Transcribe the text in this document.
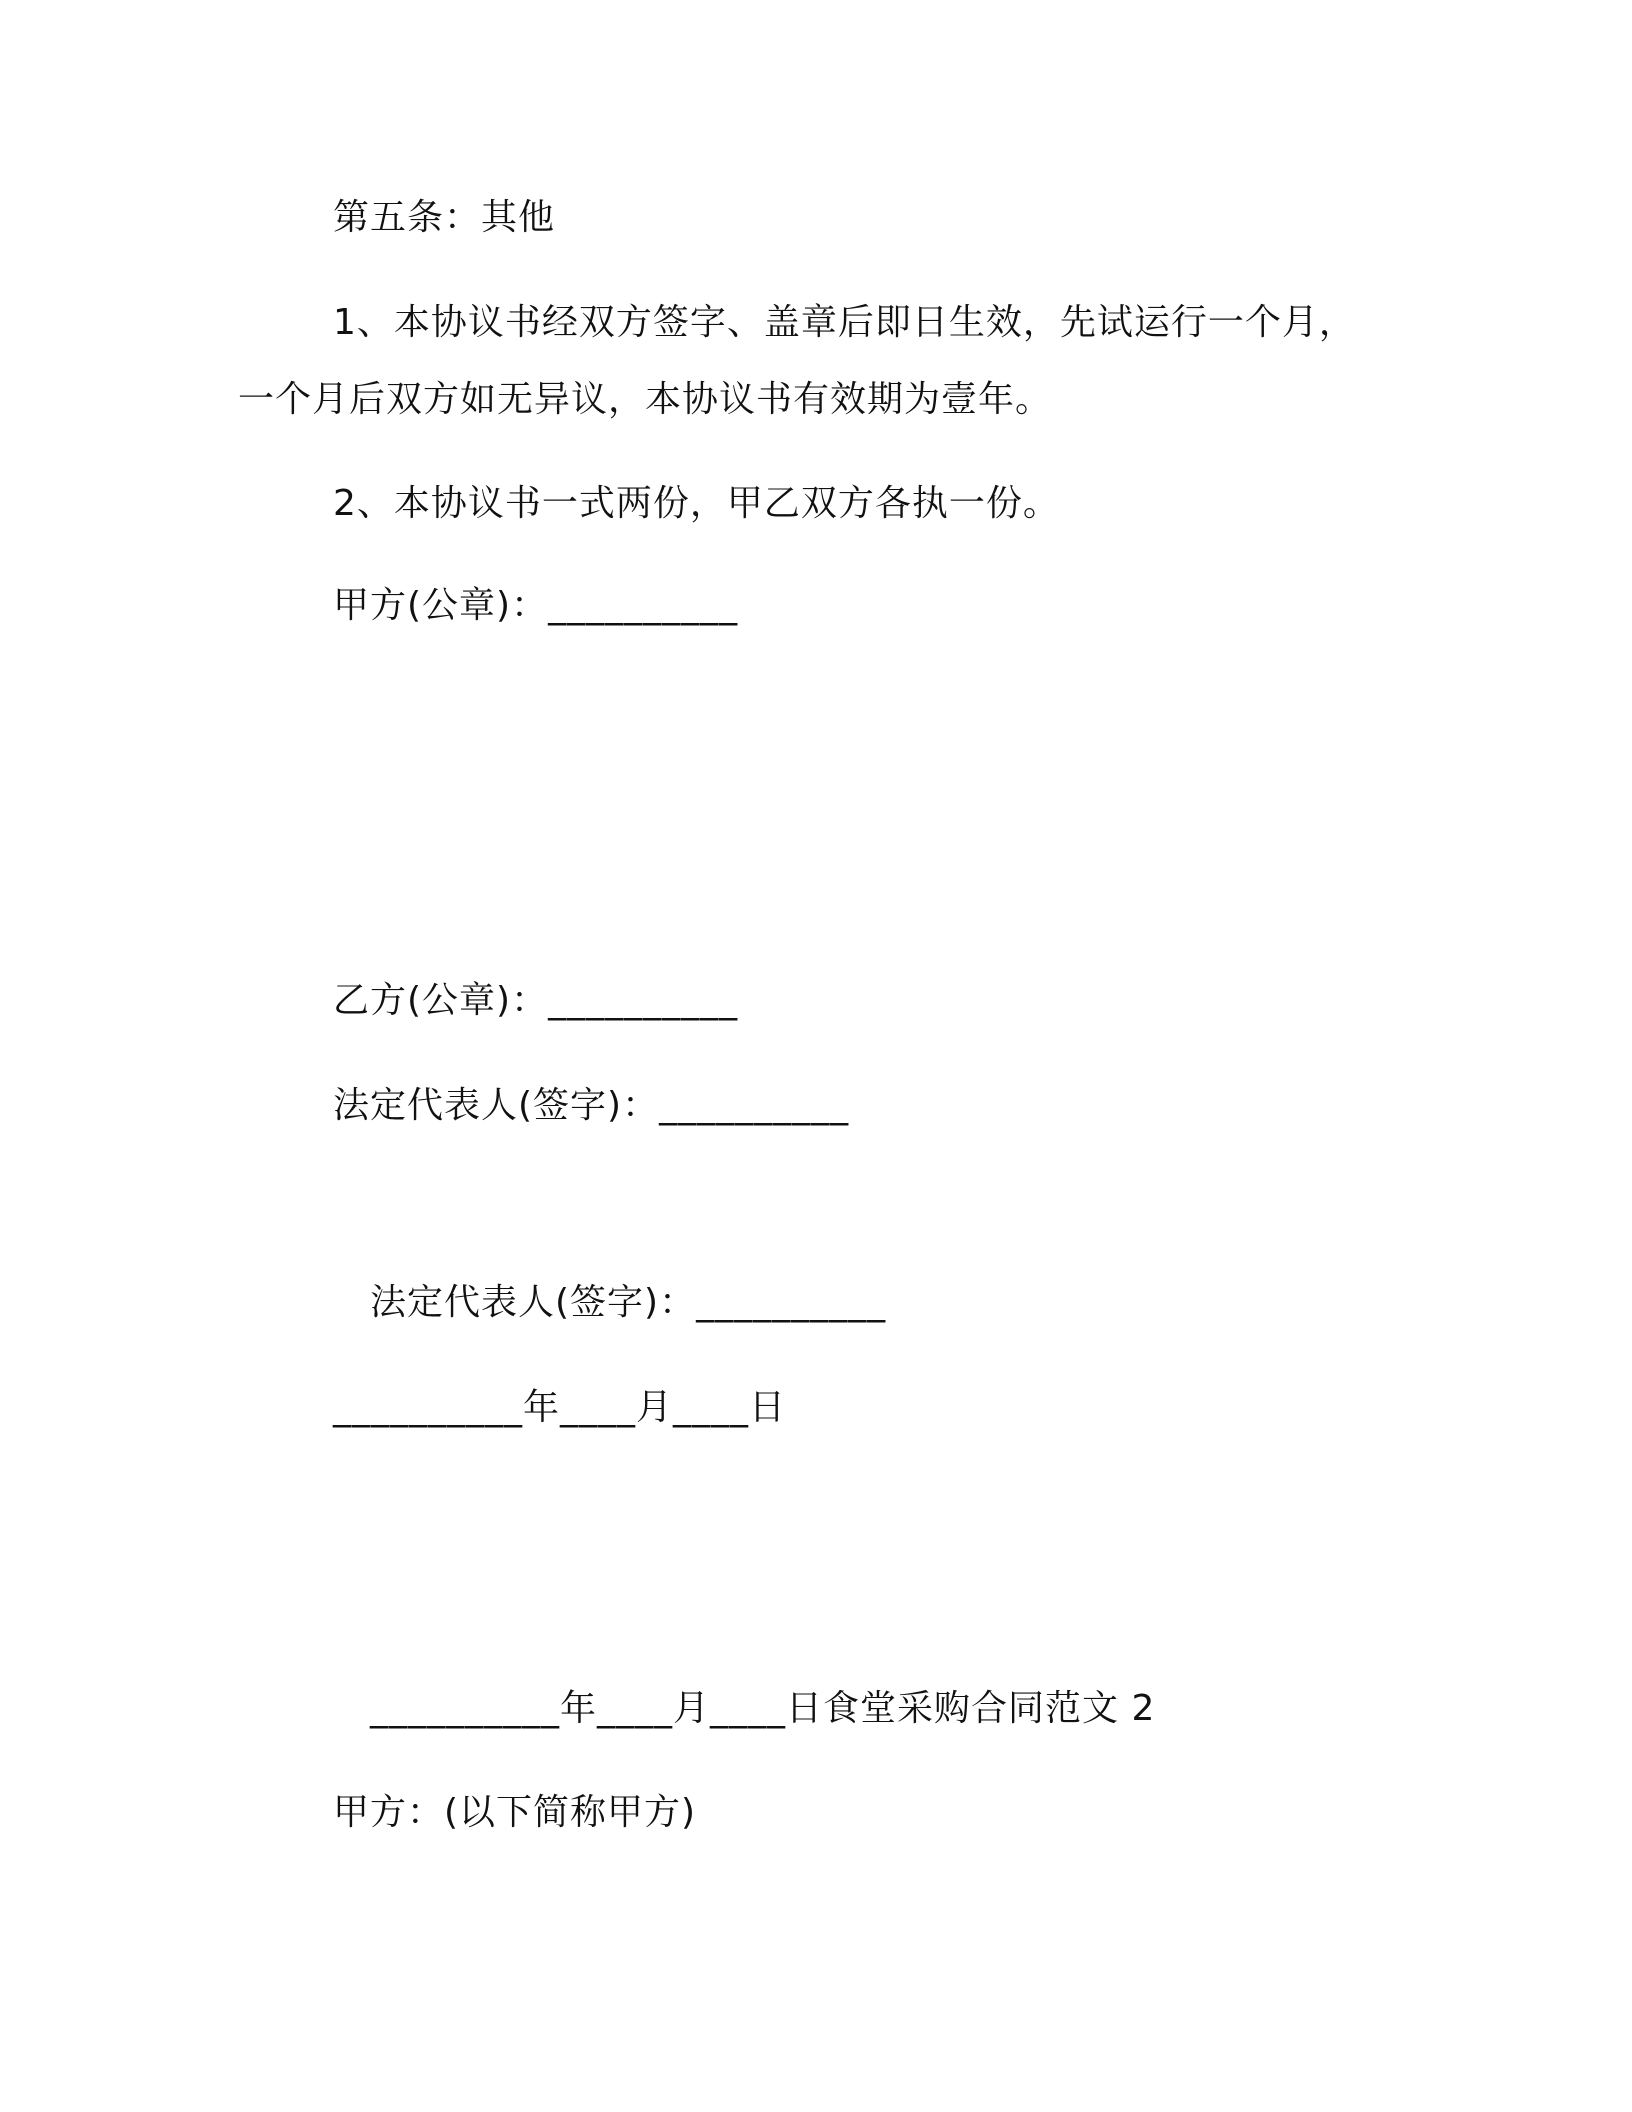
第五条：其他
1、本协议书经双方签字、盖章后即日生效，先试运行一个月，
一个月后双方如无异议，本协议书有效期为壹年。
2、本协议书一式两份，甲乙双方各执一份。
甲方(公章)：__________
乙方(公章)：__________
法定代表人(签字)：__________
法定代表人(签字)：__________
__________年____月____日
__________年____月____日食堂采购合同范文 2
甲方：(以下简称甲方)
